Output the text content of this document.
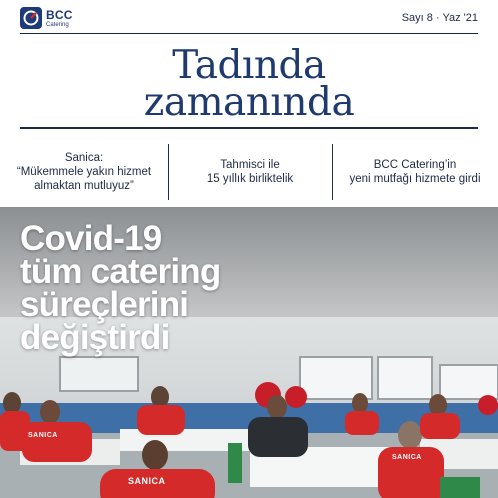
BCC
Catering
Sayı 8 · Yaz '21
Tadında
zamanında
Sanica:
“Mükemmele yakın hizmet
almaktan mutluyuz”
Tahmisci ile
15 yıllık birliktelik
BCC Catering’in
yeni mutfağı hizmete girdi
SANICA
SANICA
SANICA
Covid-19
tüm catering
süreçlerini
değiştirdi
